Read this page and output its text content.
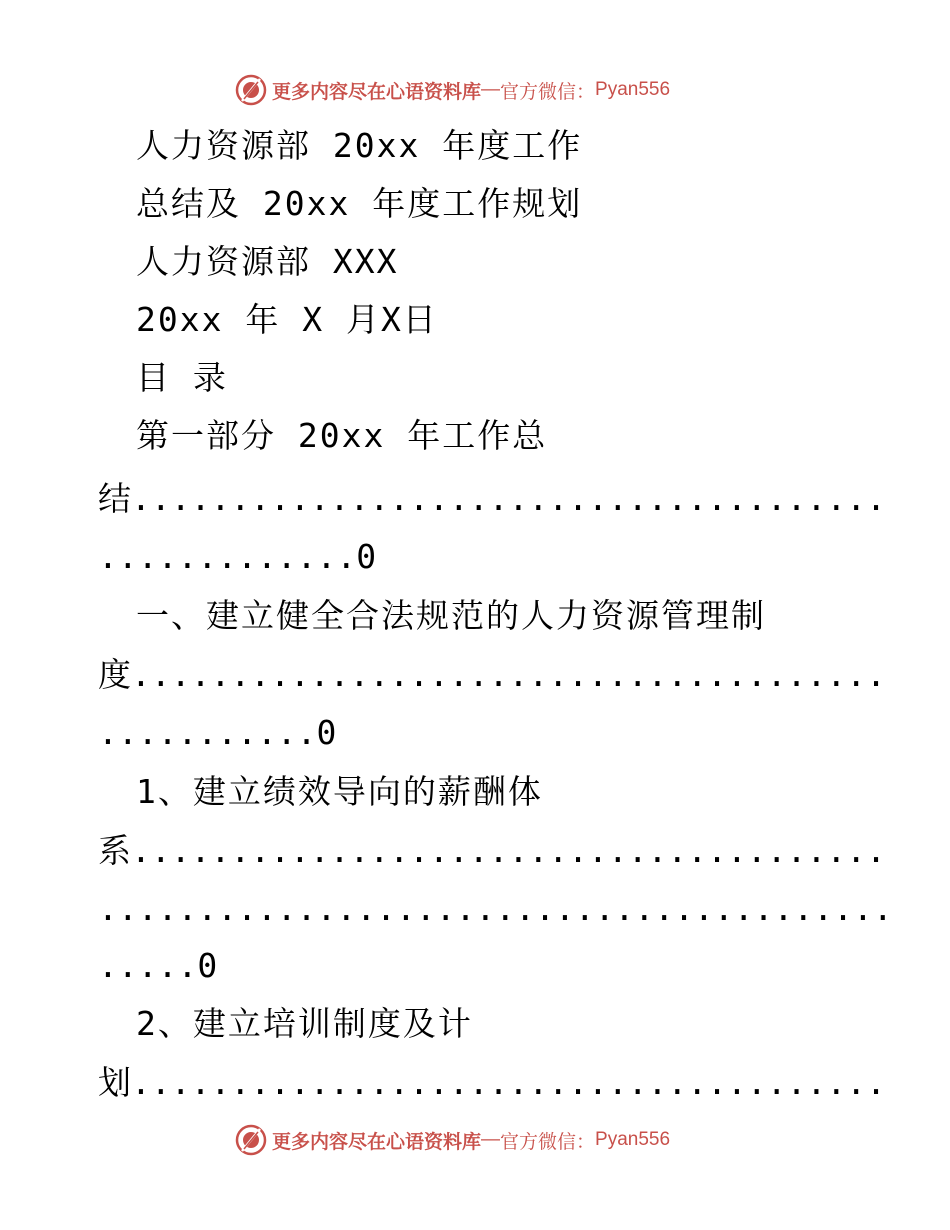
更多内容尽在心语资料库 — 官方微信： Pyan556
人力资源部 20xx 年度工作
总结及 20xx 年度工作规划
人力资源部 XXX
20xx 年 X 月X日
目 录
第一部分 20xx 年工作总
结......................................
.............0
一、建立健全合法规范的人力资源管理制
度......................................
...........0
1、建立绩效导向的薪酬体
系......................................
........................................
.....0
2、建立培训制度及计
划......................................
更多内容尽在心语资料库 — 官方微信： Pyan556
